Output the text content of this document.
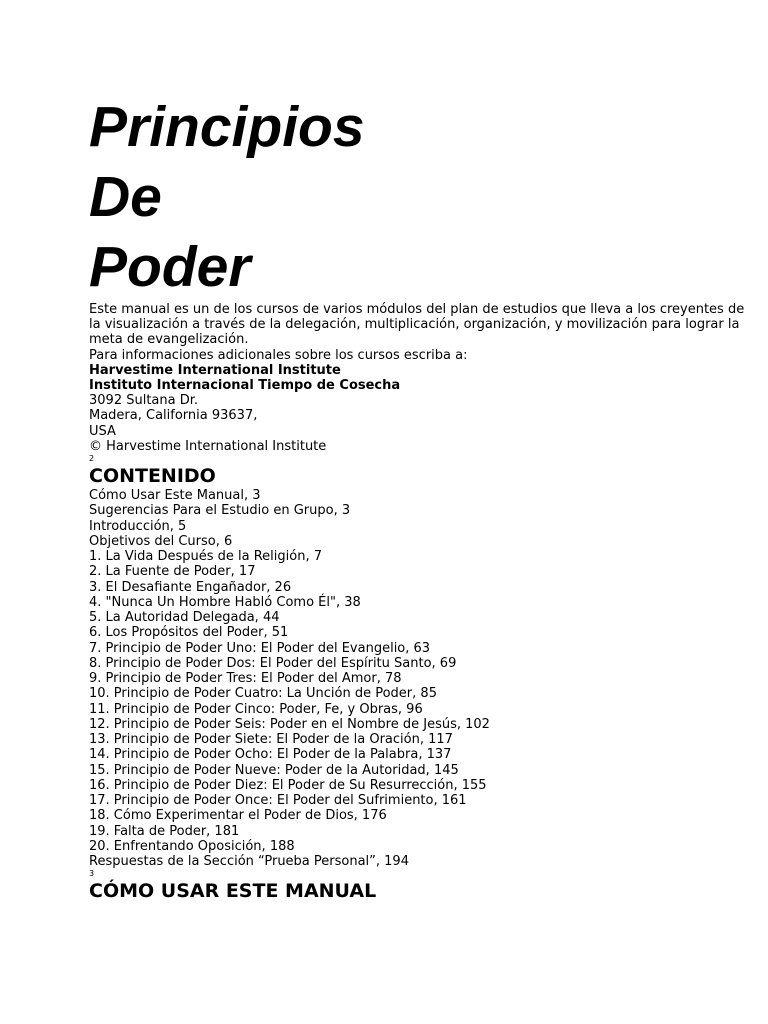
Principios
De
Poder

Este manual es un de los cursos de varios módulos del plan de estudios que lleva a los creyentes de la visualización a través de la delegación, multiplicación, organización, y movilización para lograr la meta de evangelización.

Para informaciones adicionales sobre los cursos escriba a:

Harvestime International Institute

Instituto Internacional Tiempo de Cosecha

3092 Sultana Dr.

Madera, California 93637,

USA

© Harvestime International Institute

2

CONTENIDO
Cómo Usar Este Manual, 3
Sugerencias Para el Estudio en Grupo, 3
Introducción, 5
Objetivos del Curso, 6
1. La Vida Después de la Religión, 7
2. La Fuente de Poder, 17
3. El Desafiante Engañador, 26
4. "Nunca Un Hombre Habló Como Él", 38
5. La Autoridad Delegada, 44
6. Los Propósitos del Poder, 51
7. Principio de Poder Uno: El Poder del Evangelio, 63
8. Principio de Poder Dos: El Poder del Espíritu Santo, 69
9. Principio de Poder Tres: El Poder del Amor, 78
10. Principio de Poder Cuatro: La Unción de Poder, 85
11. Principio de Poder Cinco: Poder, Fe, y Obras, 96
12. Principio de Poder Seis: Poder en el Nombre de Jesús, 102
13. Principio de Poder Siete: El Poder de la Oración, 117
14. Principio de Poder Ocho: El Poder de la Palabra, 137
15. Principio de Poder Nueve: Poder de la Autoridad, 145
16. Principio de Poder Diez: El Poder de Su Resurrección, 155
17. Principio de Poder Once: El Poder del Sufrimiento, 161
18. Cómo Experimentar el Poder de Dios, 176
19. Falta de Poder, 181
20. Enfrentando Oposición, 188
Respuestas de la Sección “Prueba Personal”, 194

3

CÓMO USAR ESTE MANUAL
